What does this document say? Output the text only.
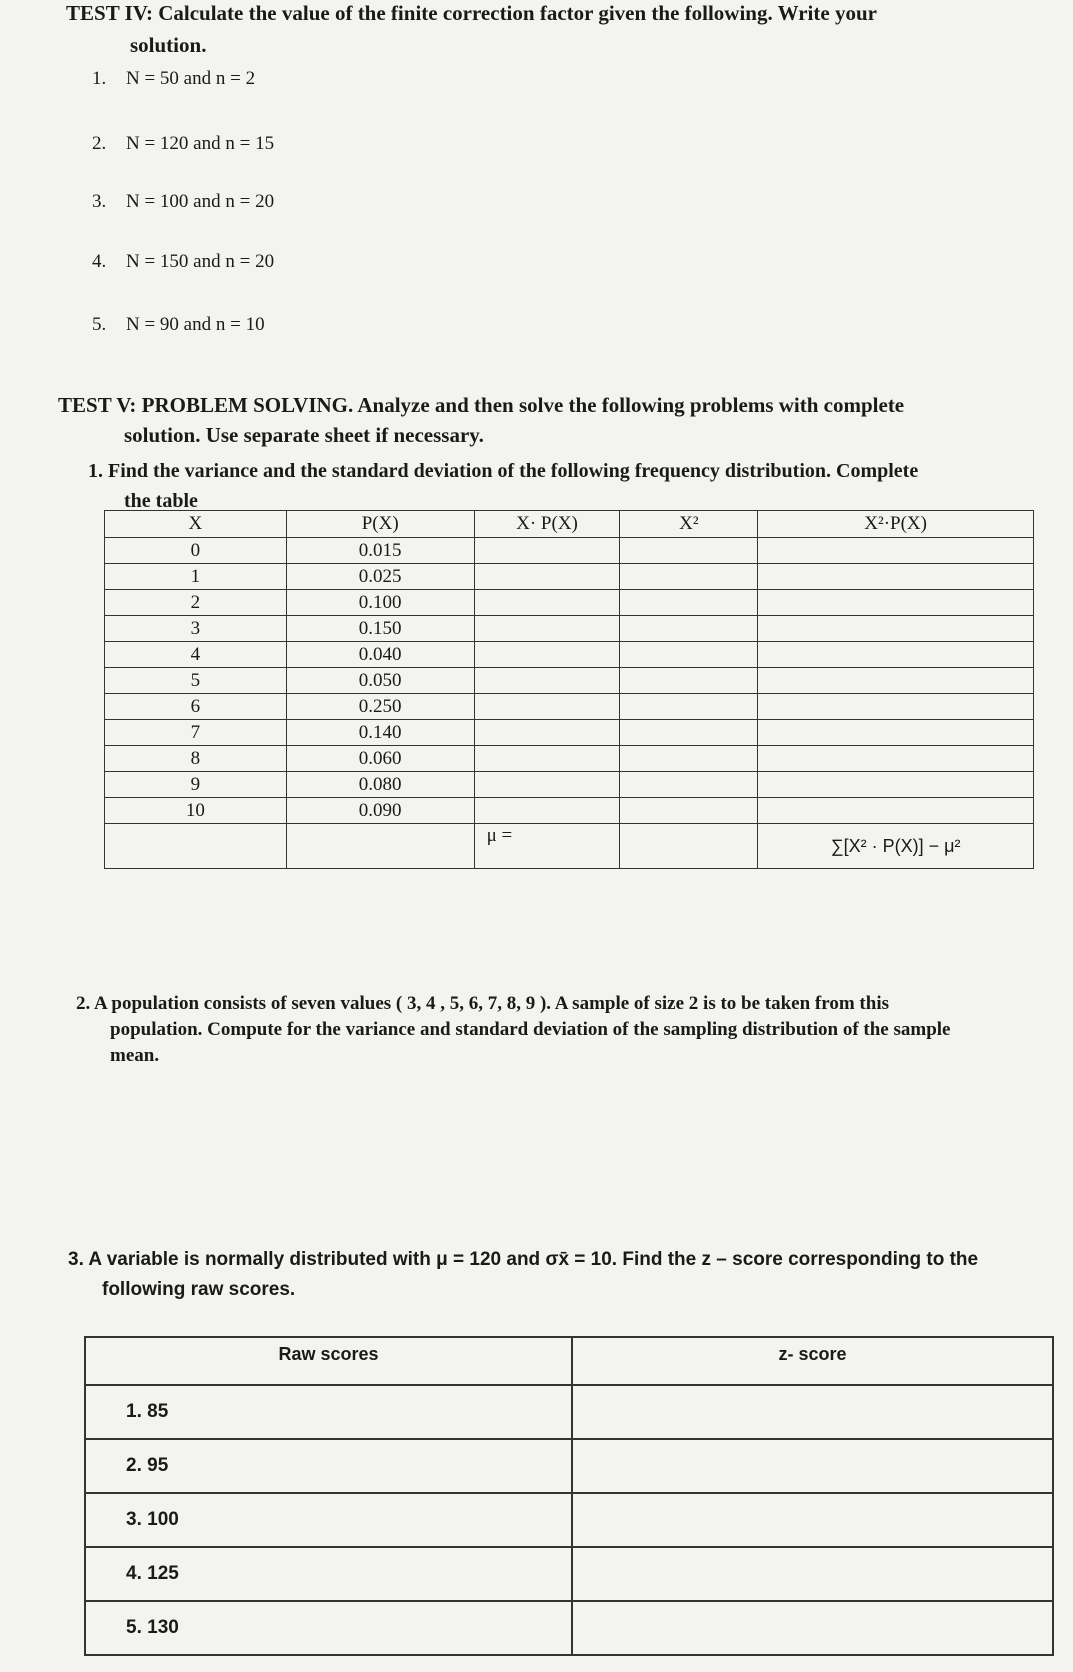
TEST IV: Calculate the value of the finite correction factor given the following. Write your
solution.
1. N = 50 and n = 2
2. N = 120 and n = 15
3. N = 100 and n = 20
4. N = 150 and n = 20
5. N = 90 and n = 10
TEST V: PROBLEM SOLVING. Analyze and then solve the following problems with complete
solution. Use separate sheet if necessary.
1. Find the variance and the standard deviation of the following frequency distribution. Complete
the table
X	P(X)	X· P(X)	X²	X²·P(X)
0	0.015			
1	0.025			
2	0.100			
3	0.150			
4	0.040			
5	0.050			
6	0.250			
7	0.140			
8	0.060			
9	0.080			
10	0.090			
		μ =		∑[X² · P(X)] − μ²
2. A population consists of seven values ( 3, 4 , 5, 6, 7, 8, 9 ). A sample of size 2 is to be taken from this
population. Compute for the variance and standard deviation of the sampling distribution of the sample
mean.
3. A variable is normally distributed with μ = 120 and σx̄ = 10. Find the z – score corresponding to the
following raw scores.
Raw scores	z- score
1. 85	
2. 95	
3. 100	
4. 125	
5. 130	
